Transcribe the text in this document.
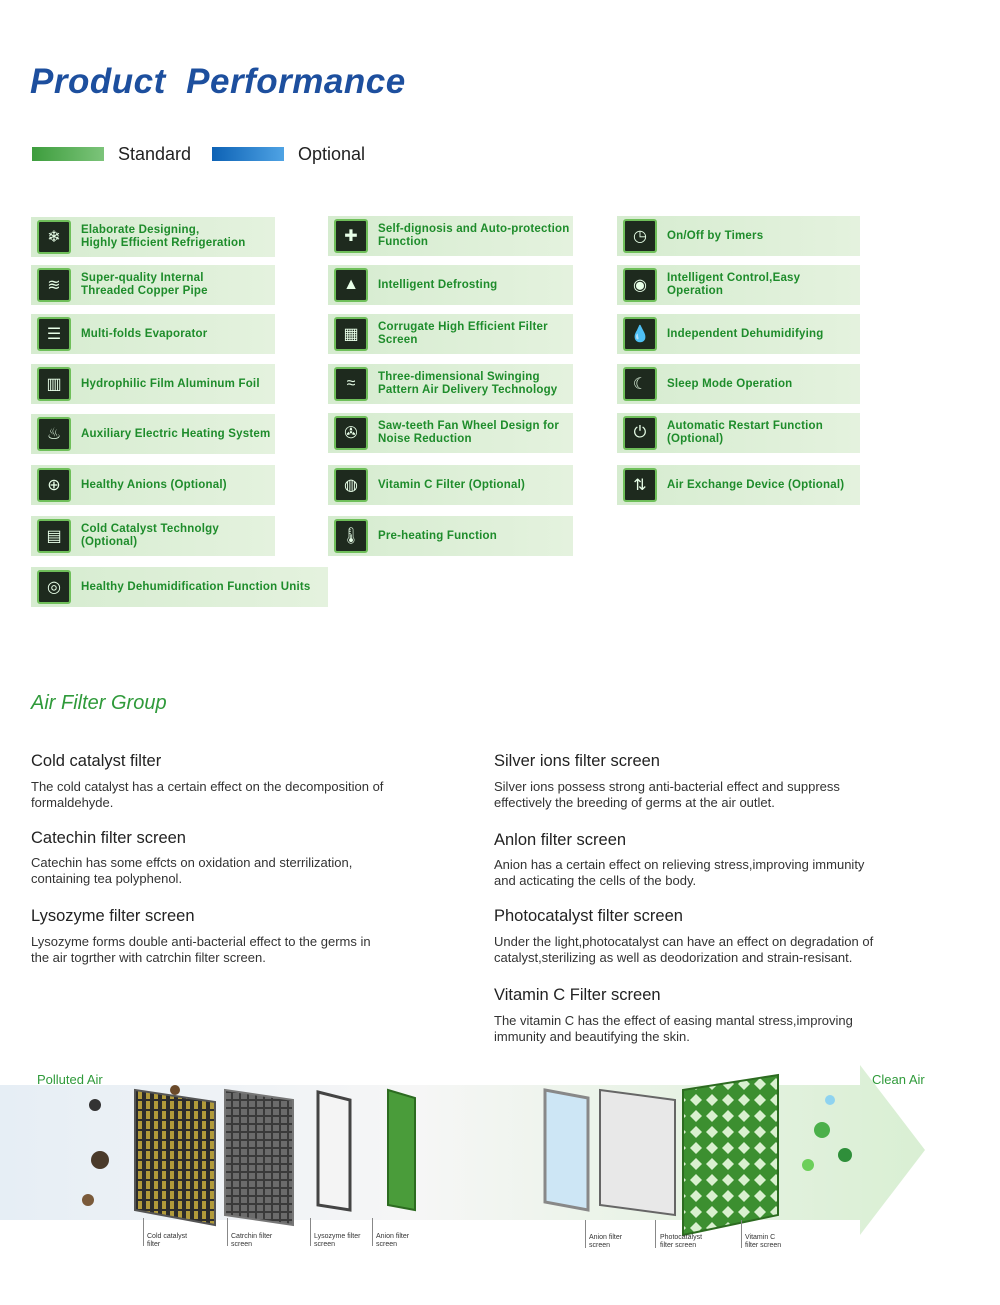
Product  Performance
Standard	Optional
❄	Elaborate Designing,
Highly Efficient Refrigeration
≋	Super-quality Internal
Threaded Copper Pipe
☰	Multi-folds Evaporator
▥	Hydrophilic Film Aluminum Foil
♨	Auxiliary Electric Heating System
⊕	Healthy Anions (Optional)
▤	Cold Catalyst Technolgy
(Optional)
◎	Healthy Dehumidification Function Units
✚	Self-dignosis and Auto-protection
Function
▲	Intelligent Defrosting
▦	Corrugate High Efficient Filter
Screen
≈	Three-dimensional Swinging
Pattern Air Delivery Technology
✇	Saw-teeth Fan Wheel Design for
Noise Reduction
◍	Vitamin C Filter (Optional)
🌡	Pre-heating Function
◷	On/Off by Timers
◉	Intelligent Control,Easy
Operation
💧	Independent Dehumidifying
☾	Sleep Mode Operation
⏻	Automatic Restart Function
(Optional)
⇅	Air Exchange Device (Optional)
Air Filter Group
Cold catalyst filter
The cold catalyst has a certain effect on the decomposition of
formaldehyde.
Catechin filter screen
Catechin has some effcts on oxidation and sterrilization,
containing tea polyphenol.
Lysozyme filter screen
Lysozyme forms double anti-bacterial effect to the germs in
the air togrther with catrchin filter screen.
Silver ions filter screen
Silver ions possess strong anti-bacterial effect and suppress
effectively the breeding of germs at the air outlet.
Anlon filter screen
Anion has a certain effect on relieving stress,improving immunity
and acticating the cells of the body.
Photocatalyst filter screen
Under the light,photocatalyst can have an effect on degradation of
catalyst,sterilizing as well as deodorization and strain-resisant.
Vitamin C Filter screen
The vitamin C has the effect of easing mantal stress,improving
immunity and beautifying the skin.
Polluted Air	Clean Air
Cold catalyst
filter
Catrchin filter
screen
Lysozyme filter
screen
Anion filter
screen
Anion filter
screen
Photocatalyst
filter screen
Vitamin C
filter screen
